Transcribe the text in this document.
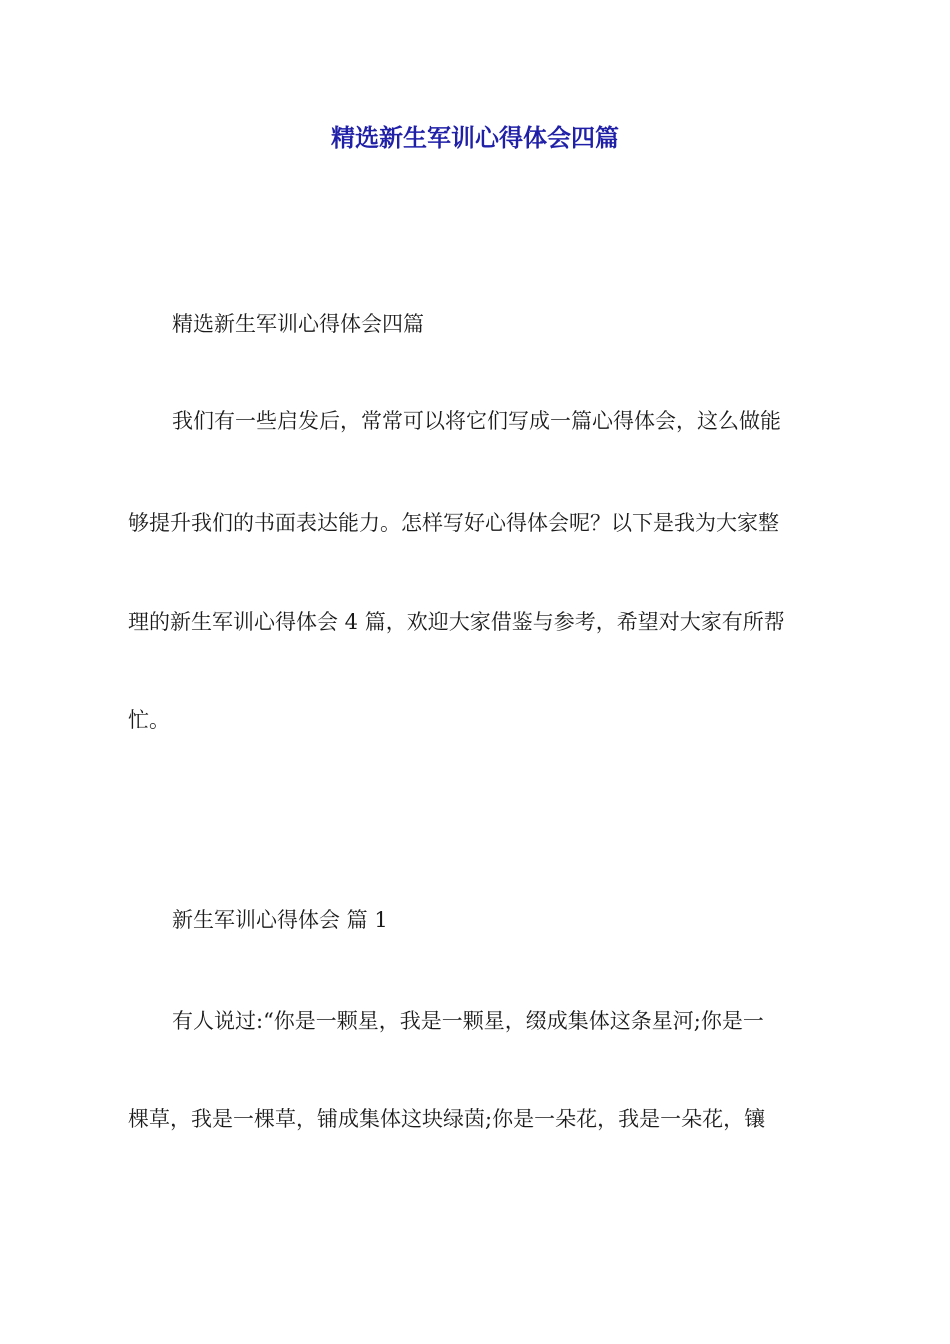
精选新生军训心得体会四篇

精选新生军训心得体会四篇

我们有一些启发后，常常可以将它们写成一篇心得体会，这么做能

够提升我们的书面表达能力。怎样写好心得体会呢？以下是我为大家整

理的新生军训心得体会 4 篇，欢迎大家借鉴与参考，希望对大家有所帮

忙。

新生军训心得体会 篇 1

有人说过:“你是一颗星，我是一颗星，缀成集体这条星河;你是一

棵草，我是一棵草，铺成集体这块绿茵;你是一朵花，我是一朵花，镶
